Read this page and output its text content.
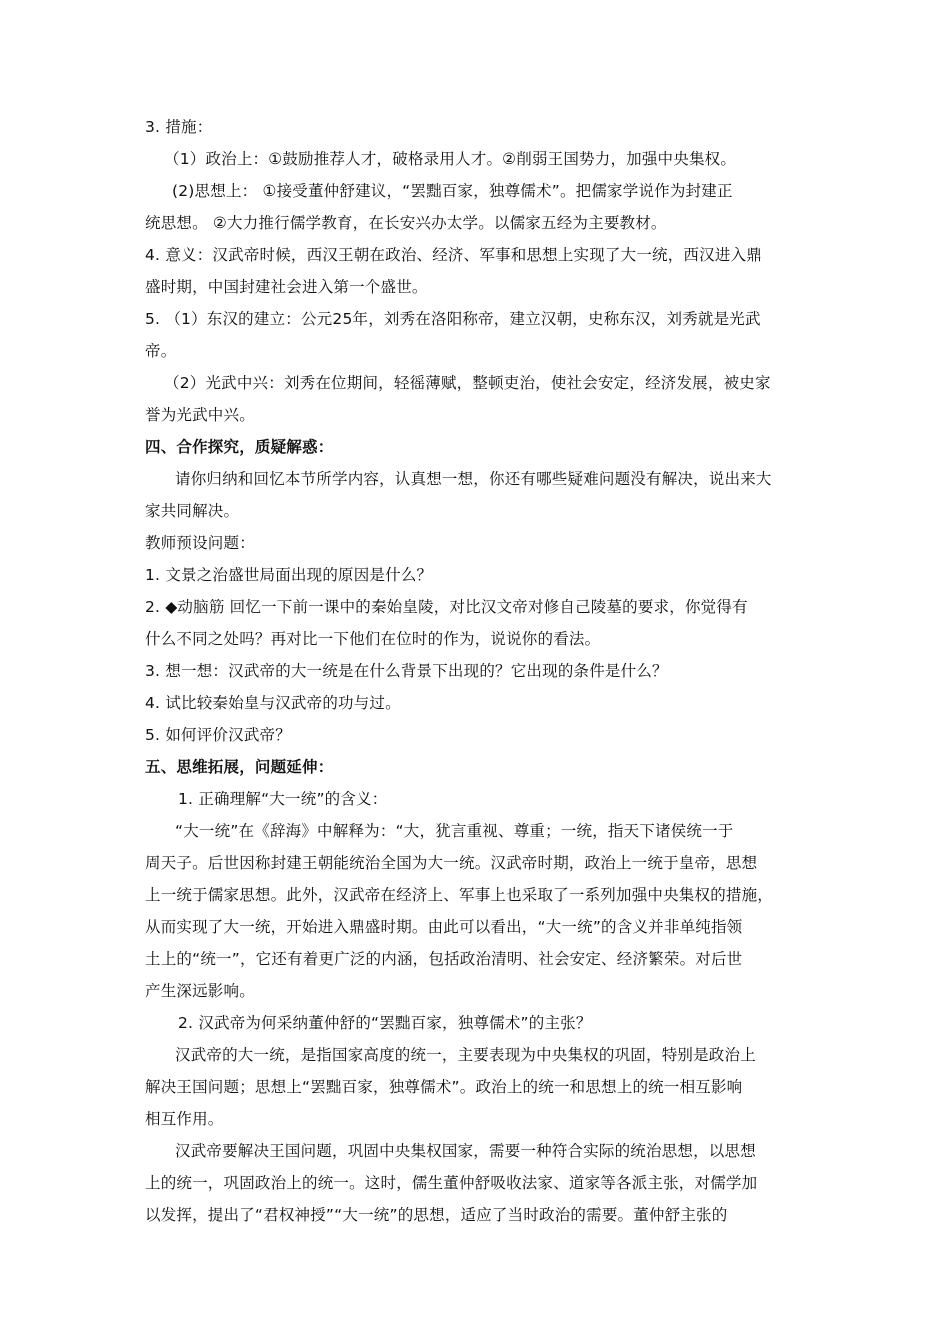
3. 措施：
（1）政治上：①鼓励推荐人才，破格录用人才。②削弱王国势力，加强中央集权。
(2)思想上： ①接受董仲舒建议，“罢黜百家，独尊儒术”。把儒家学说作为封建正
统思想。 ②大力推行儒学教育，在长安兴办太学。以儒家五经为主要教材。
4. 意义：汉武帝时候，西汉王朝在政治、经济、军事和思想上实现了大一统，西汉进入鼎
盛时期，中国封建社会进入第一个盛世。
5. （1）东汉的建立：公元25年，刘秀在洛阳称帝，建立汉朝，史称东汉，刘秀就是光武
帝。
（2）光武中兴：刘秀在位期间，轻徭薄赋，整顿吏治，使社会安定，经济发展，被史家
誉为光武中兴。
四、合作探究，质疑解惑：
请你归纳和回忆本节所学内容，认真想一想，你还有哪些疑难问题没有解决，说出来大
家共同解决。
教师预设问题：
1. 文景之治盛世局面出现的原因是什么？
2. ◆动脑筋 回忆一下前一课中的秦始皇陵，对比汉文帝对修自己陵墓的要求，你觉得有
什么不同之处吗？再对比一下他们在位时的作为，说说你的看法。
3. 想一想：汉武帝的大一统是在什么背景下出现的？它出现的条件是什么？
4. 试比较秦始皇与汉武帝的功与过。
5. 如何评价汉武帝？
五、思维拓展，问题延伸：
1. 正确理解“大一统”的含义：
“大一统”在《辞海》中解释为：“大，犹言重视、尊重；一统，指天下诸侯统一于
周天子。后世因称封建王朝能统治全国为大一统。汉武帝时期，政治上一统于皇帝，思想
上一统于儒家思想。此外，汉武帝在经济上、军事上也采取了一系列加强中央集权的措施，
从而实现了大一统，开始进入鼎盛时期。由此可以看出，“大一统”的含义并非单纯指领
土上的“统一”，它还有着更广泛的内涵，包括政治清明、社会安定、经济繁荣。对后世
产生深远影响。
2. 汉武帝为何采纳董仲舒的“罢黜百家，独尊儒术”的主张？
汉武帝的大一统，是指国家高度的统一，主要表现为中央集权的巩固，特别是政治上
解决王国问题；思想上“罢黜百家，独尊儒术”。政治上的统一和思想上的统一相互影响
相互作用。
汉武帝要解决王国问题，巩固中央集权国家，需要一种符合实际的统治思想，以思想
上的统一，巩固政治上的统一。这时，儒生董仲舒吸收法家、道家等各派主张，对儒学加
以发挥，提出了“君权神授”“大一统”的思想，适应了当时政治的需要。董仲舒主张的
